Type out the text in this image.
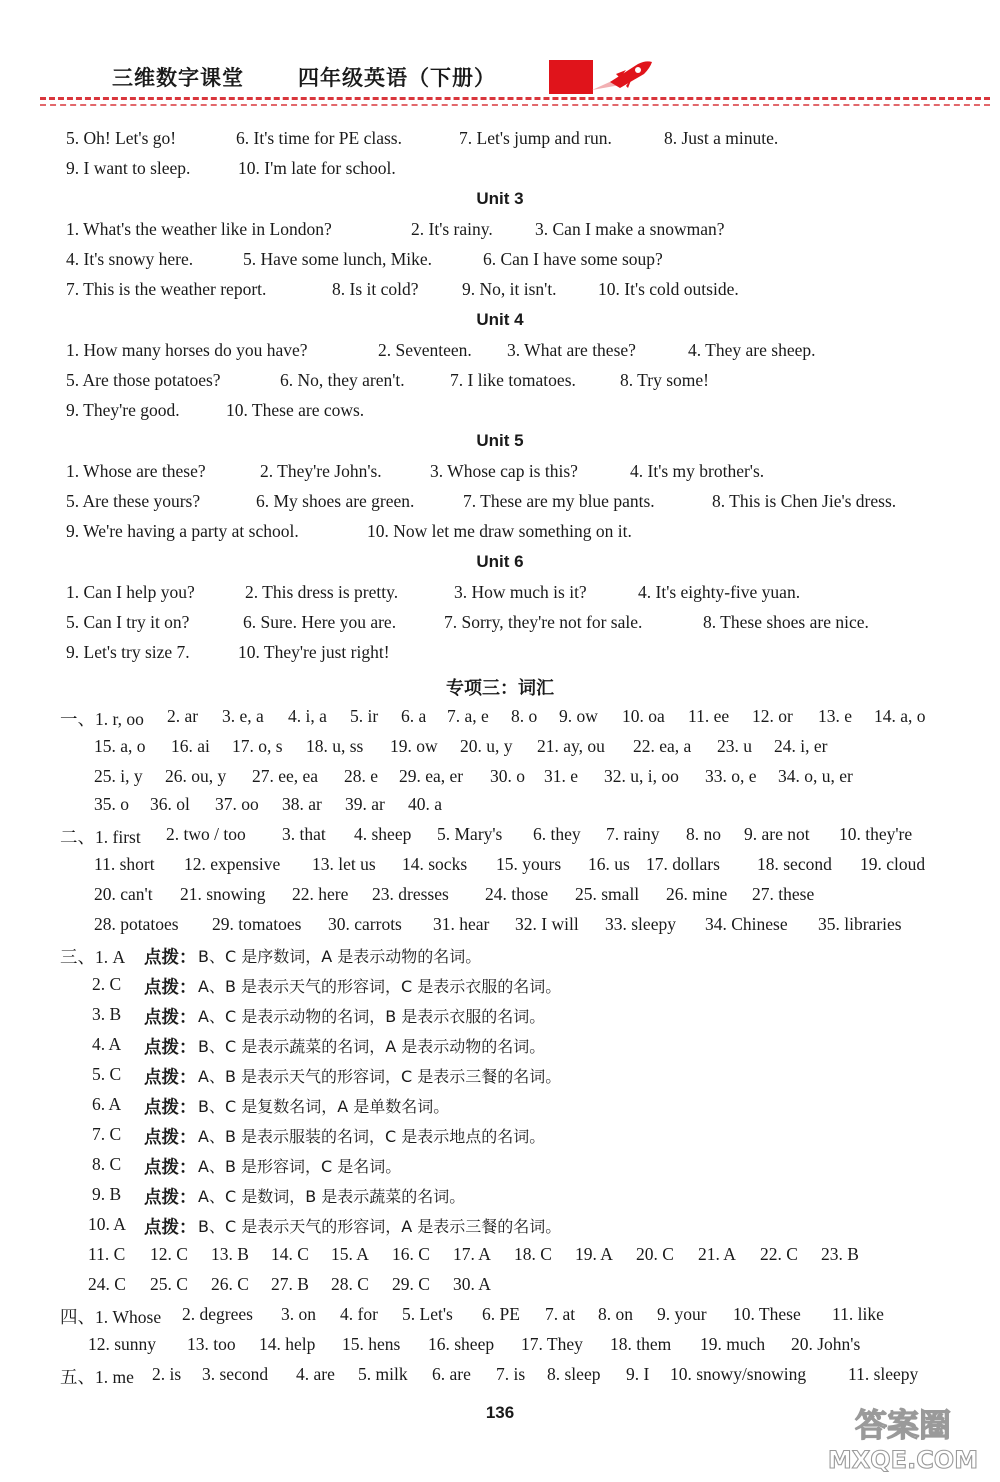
三维数字课堂	四年级英语（下册）
5. Oh! Let's go!	6. It's time for PE class.	7. Let's jump and run.	8. Just a minute.
9. I want to sleep.	10. I'm late for school.
Unit 3
1. What's the weather like in London?	2. It's rainy. 3. Can I make a snowman?
4. It's snowy here.	5. Have some lunch, Mike.	6. Can I have some soup?
7. This is the weather report.	8. Is it cold? 9. No, it isn't. 10. It's cold outside.
Unit 4
1. How many horses do you have?	2. Seventeen. 3. What are these?	4. They are sheep.
5. Are those potatoes?	6. No, they aren't.	7. I like tomatoes.	8. Try some!
9. They're good.	10. These are cows.
Unit 5
1. Whose are these?	2. They're John's.	3. Whose cap is this?	4. It's my brother's.
5. Are these yours?	6. My shoes are green.	7. These are my blue pants.	8. This is Chen Jie's dress.
9. We're having a party at school.	10. Now let me draw something on it.
Unit 6
1. Can I help you?	2. This dress is pretty.	3. How much is it?	4. It's eighty-five yuan.
5. Can I try it on?	6. Sure. Here you are.	7. Sorry, they're not for sale.	8. These shoes are nice.
9. Let's try size 7.	10. They're just right!
专项三：词汇
一、1. r, oo 2. ar 3. e, a 4. i, a 5. ir 6. a 7. a, e 8. o 9. ow 10. oa 11. ee 12. or 13. e 14. a, o
15. a, o 16. ai 17. o, s 18. u, ss 19. ow 20. u, y 21. ay, ou 22. ea, a 23. u 24. i, er
25. i, y 26. ou, y 27. ee, ea 28. e 29. ea, er 30. o 31. e 32. u, i, oo 33. o, e 34. o, u, er
35. o 36. ol 37. oo 38. ar 39. ar 40. a
二、1. first 2. two / too 3. that 4. sheep 5. Mary's 6. they 7. rainy 8. no 9. are not 10. they're
11. short 12. expensive 13. let us 14. socks 15. yours 16. us 17. dollars 18. second 19. cloud
20. can't 21. snowing 22. here 23. dresses 24. those 25. small 26. mine 27. these
28. potatoes 29. tomatoes 30. carrots 31. hear 32. I will 33. sleepy 34. Chinese 35. libraries
三、1. A 点拨： B、C 是序数词，A 是表示动物的名词。
2. C 点拨： A、B 是表示天气的形容词，C 是表示衣服的名词。
3. B 点拨： A、C 是表示动物的名词，B 是表示衣服的名词。
4. A 点拨： B、C 是表示蔬菜的名词，A 是表示动物的名词。
5. C 点拨： A、B 是表示天气的形容词，C 是表示三餐的名词。
6. A 点拨： B、C 是复数名词，A 是单数名词。
7. C 点拨： A、B 是表示服装的名词，C 是表示地点的名词。
8. C 点拨： A、B 是形容词，C 是名词。
9. B 点拨： A、C 是数词，B 是表示蔬菜的名词。
10. A 点拨： B、C 是表示天气的形容词，A 是表示三餐的名词。
11. C 12. C 13. B 14. C 15. A 16. C 17. A 18. C 19. A 20. C 21. A 22. C 23. B
24. C 25. C 26. C 27. B 28. C 29. C 30. A
四、1. Whose 2. degrees 3. on 4. for 5. Let's 6. PE 7. at 8. on 9. your 10. These 11. like
12. sunny 13. too 14. help 15. hens 16. sheep 17. They 18. them 19. much 20. John's
五、1. me 2. is 3. second 4. are 5. milk 6. are 7. is 8. sleep 9. I 10. snowy/snowing 11. sleepy
136	答案圈
MXQE.COM
